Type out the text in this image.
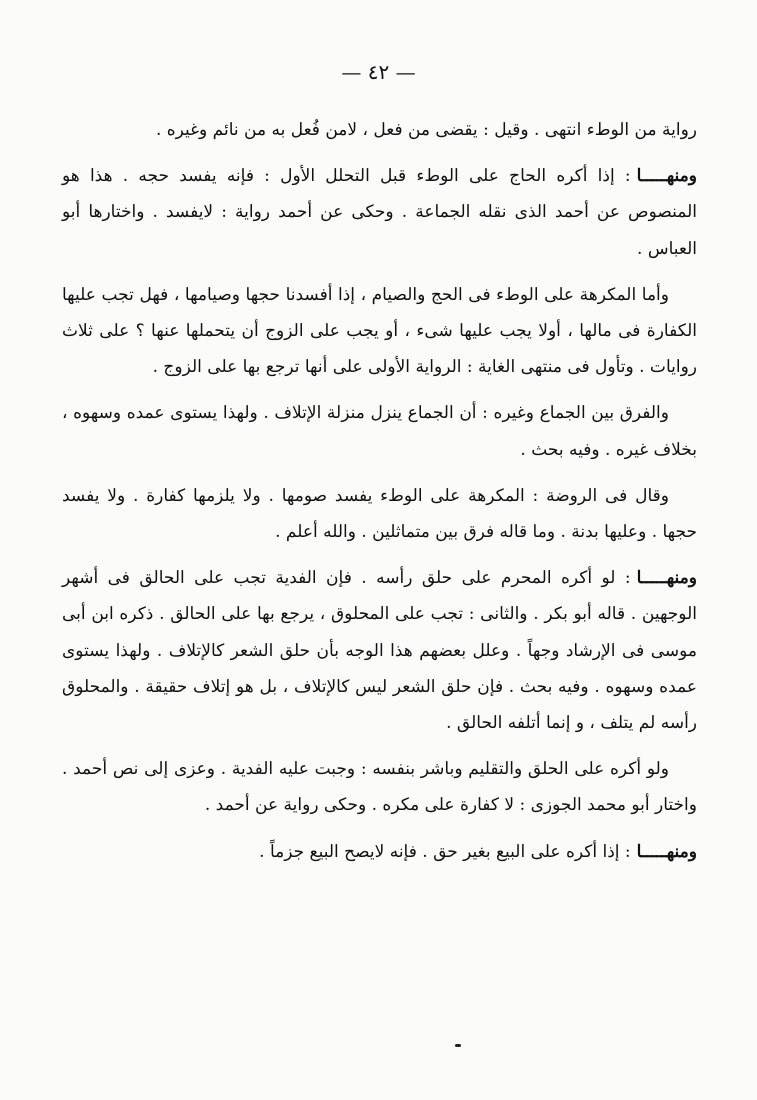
— ٤٢ —

رواية من الوطء انتهى . وقيل : يقضى من فعل ، لامن فُعل به من نائم وغيره .

ومنهـــــا: إذا أكره الحاج على الوطء قبل التحلل الأول : فإنه يفسد حجه . هذا هو المنصوص عن أحمد الذى نقله الجماعة . وحكى عن أحمد رواية : لايفسد . واختارها أبو العباس .

وأما المكرهة على الوطء فى الحج والصيام ، إذا أفسدنا حجها وصيامها ، فهل تجب عليها الكفارة فى مالها ، أولا يجب عليها شىء ، أو يجب على الزوج أن يتحملها عنها ؟ على ثلاث روايات . وتأول فى منتهى الغاية : الرواية الأولى على أنها ترجع بها على الزوج .

والفرق بين الجماع وغيره : أن الجماع ينزل منزلة الإتلاف . ولهذا يستوى عمده وسهوه ، بخلاف غيره . وفيه بحث .

وقال فى الروضة : المكرهة على الوطء يفسد صومها . ولا يلزمها كفارة . ولا يفسد حجها . وعليها بدنة . وما قاله فرق بين متماثلين . والله أعلم .

ومنهـــــا: لو أكره المحرم على حلق رأسه . فإن الفدية تجب على الحالق فى أشهر الوجهين . قاله أبو بكر . والثانى : تجب على المحلوق ، يرجع بها على الحالق . ذكره ابن أبى موسى فى الإرشاد وجهاً . وعلل بعضهم هذا الوجه بأن حلق الشعر كالإتلاف . ولهذا يستوى عمده وسهوه . وفيه بحث . فإن حلق الشعر ليس كالإتلاف ، بل هو إتلاف حقيقة . والمحلوق رأسه لم يتلف ، و إنما أتلفه الحالق .

ولو أكره على الحلق والتقليم وباشر بنفسه : وجبت عليه الفدية . وعزى إلى نص أحمد . واختار أبو محمد الجوزى : لا كفارة على مكره . وحكى رواية عن أحمد .

ومنهـــــا: إذا أكره على البيع بغير حق . فإنه لايصح البيع جزماً .
